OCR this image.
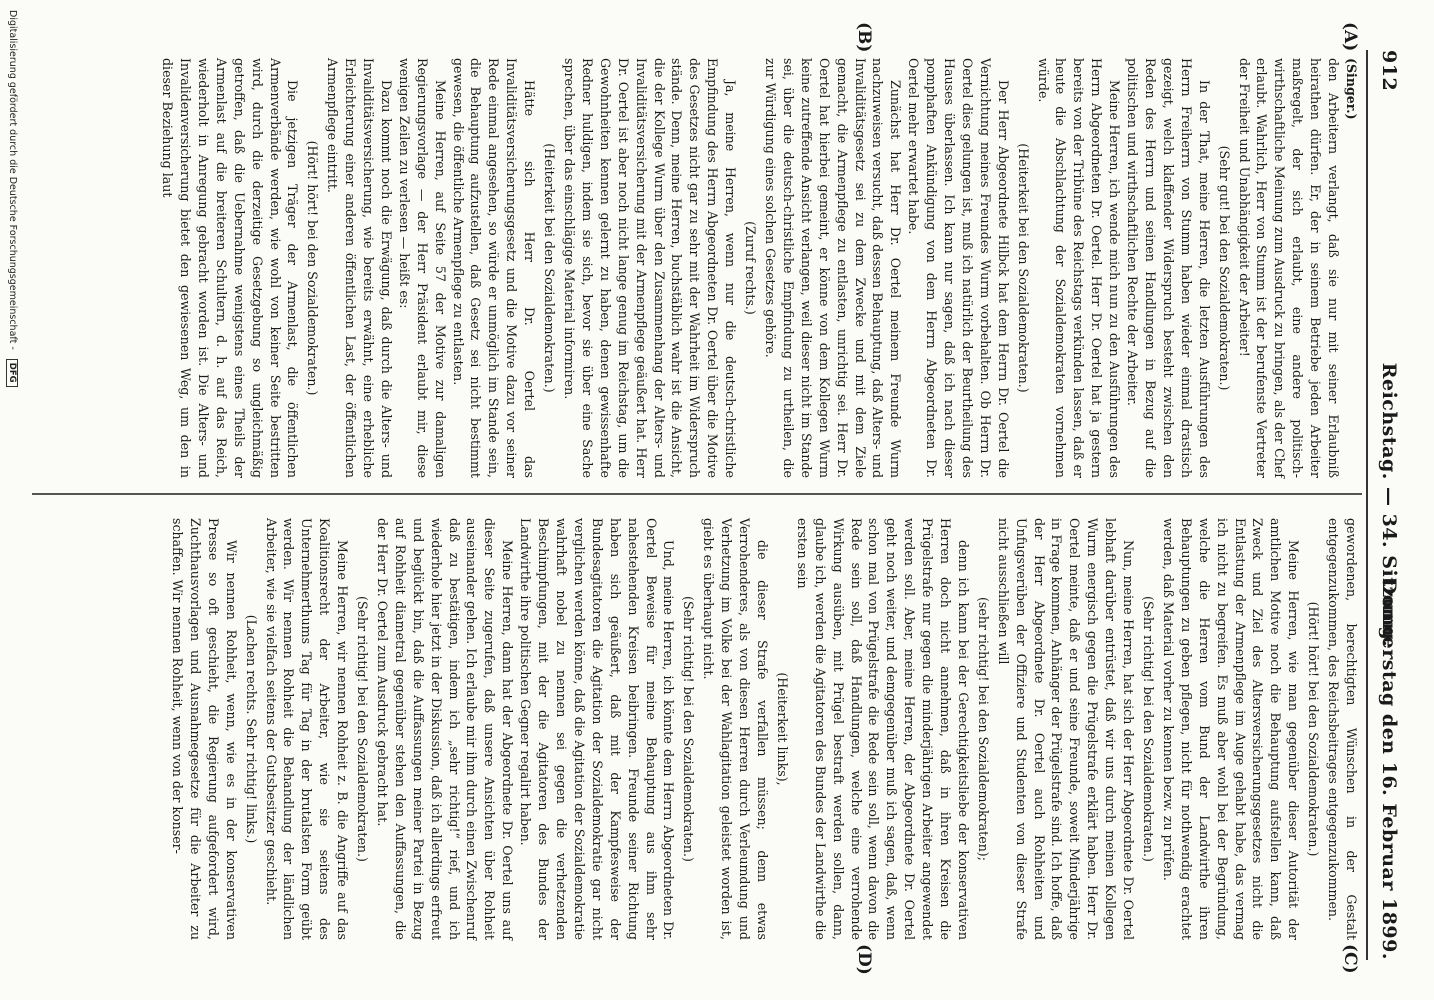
912
Reichstag. — 34. Sitzung.
Donnerstag den 16. Februar 1899.
(A)
(B)
(C)
(D)

(Singer.)

den Arbeitern verlangt, daß sie nur mit seiner Erlaubniß heirathen dürfen. Er, der in seinem Betriebe jeden Arbeiter maßregelt, der sich erlaubt, eine andere politisch-wirthschaftliche Meinung zum Ausdruck zu bringen, als der Chef erlaubt. Wahrlich, Herr von Stumm ist der berufenste Vertreter der Freiheit und Unabhängigkeit der Arbeiter!

(Sehr gut! bei den Sozialdemokraten.)

In der That, meine Herren, die letzten Ausführungen des Herrn Freiherrn von Stumm haben wieder einmal drastisch gezeigt, welch klaffender Widerspruch besteht zwischen den Reden des Herrn und seinen Handlungen in Bezug auf die politischen und wirthschaftlichen Rechte der Arbeiter.

Meine Herren, ich wende mich nun zu den Ausführungen des Herrn Abgeordneten Dr. Oertel. Herr Dr. Oertel hat ja gestern bereits von der Tribüne des Reichstags verkünden lassen, daß er heute die Abschlachtung der Sozialdemokraten vornehmen würde.

(Heiterkeit bei den Sozialdemokraten.)

Der Herr Abgeordnete Hilbck hat dem Herrn Dr. Oertel die Vernichtung meines Freundes Wurm vorbehalten. Ob Herrn Dr. Oertel dies gelungen ist, muß ich natürlich der Beurtheilung des Hauses überlassen. Ich kann nur sagen, daß ich nach dieser pomphaften Ankündigung von dem Herrn Abgeordneten Dr. Oertel mehr erwartet habe.

Zunächst hat Herr Dr. Oertel meinem Freunde Wurm nachzuweisen versucht, daß dessen Behauptung, daß Alters- und Invaliditätsgesetz sei zu dem Zwecke und mit dem Ziele gemacht, die Armenpflege zu entlasten, unrichtig sei. Herr Dr. Oertel hat hierbei gemeint, er könne von dem Kollegen Wurm keine zutreffende Ansicht verlangen, weil dieser nicht im Stande sei, über die deutsch-christliche Empfindung zu urtheilen, die zur Würdigung eines solchen Gesetzes gehöre.

(Zuruf rechts.)

Ja, meine Herren, wenn nur die deutsch-christliche Empfindung des Herrn Abgeordneten Dr. Oertel über die Motive des Gesetzes nicht gar zu sehr mit der Wahrheit im Widerspruch stände. Denn, meine Herren, buchstäblich wahr ist die Ansicht, die der Kollege Wurm über den Zusammenhang der Alters- und Invaliditätsversicherung mit der Armenpflege geäußert hat. Herr Dr. Oertel ist aber noch nicht lange genug im Reichstag, um die Gewohnheiten kennen gelernt zu haben, denen gewissenhafte Redner huldigen, indem sie sich, bevor sie über eine Sache sprechen, über das einschlägige Material informiren.

(Heiterkeit bei den Sozialdemokraten.)

Hätte sich Herr Dr. Oertel das Invaliditätsversicherungsgesetz und die Motive dazu vor seiner Rede einmal angesehen, so würde er unmöglich im Stande sein, die Behauptung aufzustellen, daß Gesetz sei nicht bestimmt gewesen, die öffentliche Armenpflege zu entlasten.

Meine Herren, auf Seite 57 der Motive zur damaligen Regierungsvorlage — der Herr Präsident erlaubt mir, diese wenigen Zeilen zu verlesen — heißt es:

Dazu kommt noch die Erwägung, daß durch die Alters- und Invaliditätsversicherung, wie bereits erwähnt, eine erhebliche Erleichterung einer anderen öffentlichen Last, der öffentlichen Armenpflege eintritt.

(Hört! hört! bei den Sozialdemokraten.)

Die jetzigen Träger der Armenlast, die öffentlichen Armenverbände werden, wie wohl von keiner Seite bestritten wird, durch die derzeitige Gesetzgebung so ungleichmäßig getroffen, daß die Uebernahme wenigstens eines Theils der Armenlast auf die breiteren Schultern, d. h. auf das Reich, wiederholt in Anregung gebracht worden ist. Die Alters- und Invalidenversicherung bietet den gewiesenen Weg, um den in dieser Beziehung laut

gewordenen, berechtigten Wünschen in der Gestalt entgegenzukommen, des Reichsbeitrages entgegenzukommen.

(Hört! hört! bei den Sozialdemokraten.)

Meine Herren, wie man gegenüber dieser Autorität der amtlichen Motive noch die Behauptung aufstellen kann, daß Zweck und Ziel des Altersversicherungsgesetzes nicht die Entlastung der Armenpflege im Auge gehabt habe, das vermag ich nicht zu begreifen. Es muß aber wohl bei der Begründung, welche die Herren vom Bund der Landwirthe ihren Behauptungen zu geben pflegen, nicht für nothwendig erachtet werden, daß Material vorher zu kennen bezw. zu prüfen.

(Sehr richtig! bei den Sozialdemokraten.)

Nun, meine Herren, hat sich der Herr Abgeordnete Dr. Oertel lebhaft darüber entrüstet, daß wir uns durch meinen Kollegen Wurm energisch gegen die Prügelstrafe erklärt haben. Herr Dr. Oertel meinte, daß er und seine Freunde, soweit Minderjährige in Frage kommen, Anhänger der Prügelstrafe sind. Ich hoffe, daß der Herr Abgeordnete Dr. Oertel auch Rohheiten und Unfugsverüben der Offiziere und Studenten von dieser Strafe nicht ausschließen will

(sehr richtig! bei den Sozialdemokraten);

denn ich kann bei der Gerechtigkeitsliebe der konservativen Herren doch nicht annehmen, daß in ihren Kreisen die Prügelstrafe nur gegen die minderjährigen Arbeiter angewendet werden soll. Aber, meine Herren, der Abgeordnete Dr. Oertel geht noch weiter, und demgegenüber muß ich sagen, daß, wenn schon mal von Prügelstrafe die Rede sein soll, wenn davon die Rede sein soll, daß Handlungen, welche eine verrohende Wirkung ausüben, mit Prügel bestraft werden sollen, dann, glaube ich, werden die Agitatoren des Bundes der Landwirthe die ersten sein

(Heiterkeit links),

die dieser Strafe verfallen müssen; denn etwas Verrohenderes, als von diesen Herren durch Verleumdung und Verhetzung im Volke bei der Wahlagitation geleistet worden ist, giebt es überhaupt nicht.

(Sehr richtig! bei den Sozialdemokraten.)

Und, meine Herren, ich könnte dem Herrn Abgeordneten Dr. Oertel Beweise für meine Behauptung aus ihm sehr nahestehenden Kreisen beibringen. Freunde seiner Richtung haben sich geäußert, daß mit der Kampfesweise der Bundesagitatoren die Agitation der Sozialdemokratie gar nicht verglichen werden könne, daß die Agitation der Sozialdemokratie wahrhaft nobel zu nennen sei gegen die verhetzenden Beschimpfungen, mit der die Agitatoren des Bundes der Landwirthe ihre politischen Gegner regalirt haben.

Meine Herren, dann hat der Abgeordnete Dr. Oertel uns auf dieser Seite zugerufen, daß unsere Ansichten über Rohheit auseinander gehen. Ich erlaube mir ihm durch einen Zwischenruf daß zu bestätigen, indem ich „sehr richtig!“ rief, und ich wiederhole hier jetzt in der Diskussion, daß ich allerdings erfreut und beglückt bin, daß die Auffassungen meiner Partei in Bezug auf Rohheit diametral gegenüber stehen den Auffassungen, die der Herr Dr. Oertel zum Ausdruck gebracht hat.

(Sehr richtig! bei den Sozialdemokraten.)

Meine Herren, wir nennen Rohheit z. B. die Angriffe auf das Koalitionsrecht der Arbeiter, wie sie seitens des Unternehmerthums Tag für Tag in der brutalsten Form geübt werden. Wir nennen Rohheit die Behandlung der ländlichen Arbeiter, wie sie vielfach seitens der Gutsbesitzer geschieht.

(Lachen rechts. Sehr richtig! links.)

Wir nennen Rohheit, wenn, wie es in der konservativen Presse so oft geschieht, die Regierung aufgefordert wird, Zuchthausvorlagen und Ausnahmegesetze für die Arbeiter zu schaffen. Wir nennen Rohheit, wenn von der konser-

Digitalisierung gefördert durch die Deutsche Forschungsgemeinschaft - DFG
